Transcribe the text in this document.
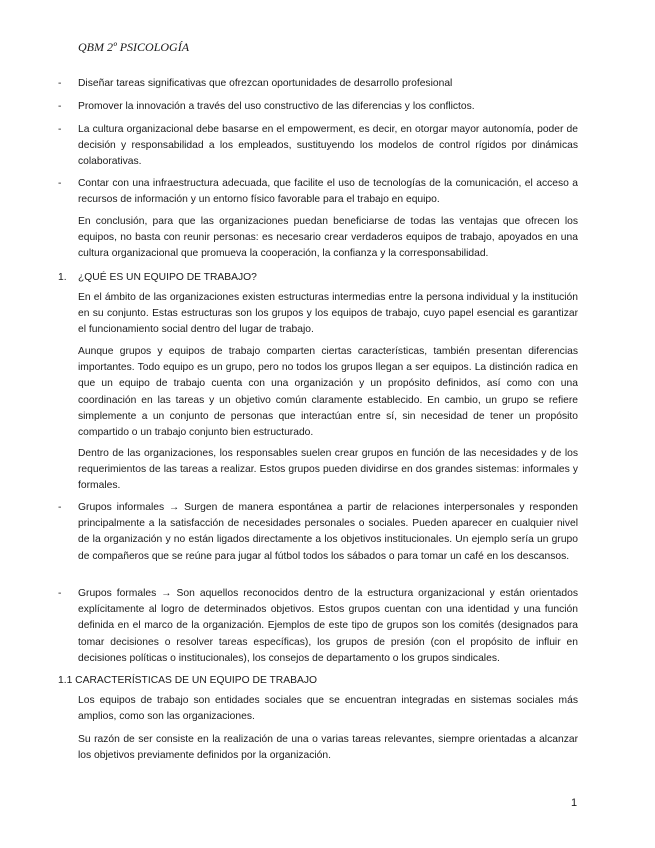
QBM 2º PSICOLOGÍA
- Diseñar tareas significativas que ofrezcan oportunidades de desarrollo profesional
- Promover la innovación a través del uso constructivo de las diferencias y los conflictos.
- La cultura organizacional debe basarse en el empowerment, es decir, en otorgar mayor autonomía, poder de decisión y responsabilidad a los empleados, sustituyendo los modelos de control rígidos por dinámicas colaborativas.
- Contar con una infraestructura adecuada, que facilite el uso de tecnologías de la comunicación, el acceso a recursos de información y un entorno físico favorable para el trabajo en equipo.
En conclusión, para que las organizaciones puedan beneficiarse de todas las ventajas que ofrecen los equipos, no basta con reunir personas: es necesario crear verdaderos equipos de trabajo, apoyados en una cultura organizacional que promueva la cooperación, la confianza y la corresponsabilidad.
1. ¿QUÉ ES UN EQUIPO DE TRABAJO?
En el ámbito de las organizaciones existen estructuras intermedias entre la persona individual y la institución en su conjunto. Estas estructuras son los grupos y los equipos de trabajo, cuyo papel esencial es garantizar el funcionamiento social dentro del lugar de trabajo.
Aunque grupos y equipos de trabajo comparten ciertas características, también presentan diferencias importantes. Todo equipo es un grupo, pero no todos los grupos llegan a ser equipos. La distinción radica en que un equipo de trabajo cuenta con una organización y un propósito definidos, así como con una coordinación en las tareas y un objetivo común claramente establecido. En cambio, un grupo se refiere simplemente a un conjunto de personas que interactúan entre sí, sin necesidad de tener un propósito compartido o un trabajo conjunto bien estructurado.
Dentro de las organizaciones, los responsables suelen crear grupos en función de las necesidades y de los requerimientos de las tareas a realizar. Estos grupos pueden dividirse en dos grandes sistemas: informales y formales.
- Grupos informales → Surgen de manera espontánea a partir de relaciones interpersonales y responden principalmente a la satisfacción de necesidades personales o sociales. Pueden aparecer en cualquier nivel de la organización y no están ligados directamente a los objetivos institucionales. Un ejemplo sería un grupo de compañeros que se reúne para jugar al fútbol todos los sábados o para tomar un café en los descansos.
- Grupos formales → Son aquellos reconocidos dentro de la estructura organizacional y están orientados explícitamente al logro de determinados objetivos. Estos grupos cuentan con una identidad y una función definida en el marco de la organización. Ejemplos de este tipo de grupos son los comités (designados para tomar decisiones o resolver tareas específicas), los grupos de presión (con el propósito de influir en decisiones políticas o institucionales), los consejos de departamento o los grupos sindicales.
1.1 CARACTERÍSTICAS DE UN EQUIPO DE TRABAJO
Los equipos de trabajo son entidades sociales que se encuentran integradas en sistemas sociales más amplios, como son las organizaciones.
Su razón de ser consiste en la realización de una o varias tareas relevantes, siempre orientadas a alcanzar los objetivos previamente definidos por la organización.
1
